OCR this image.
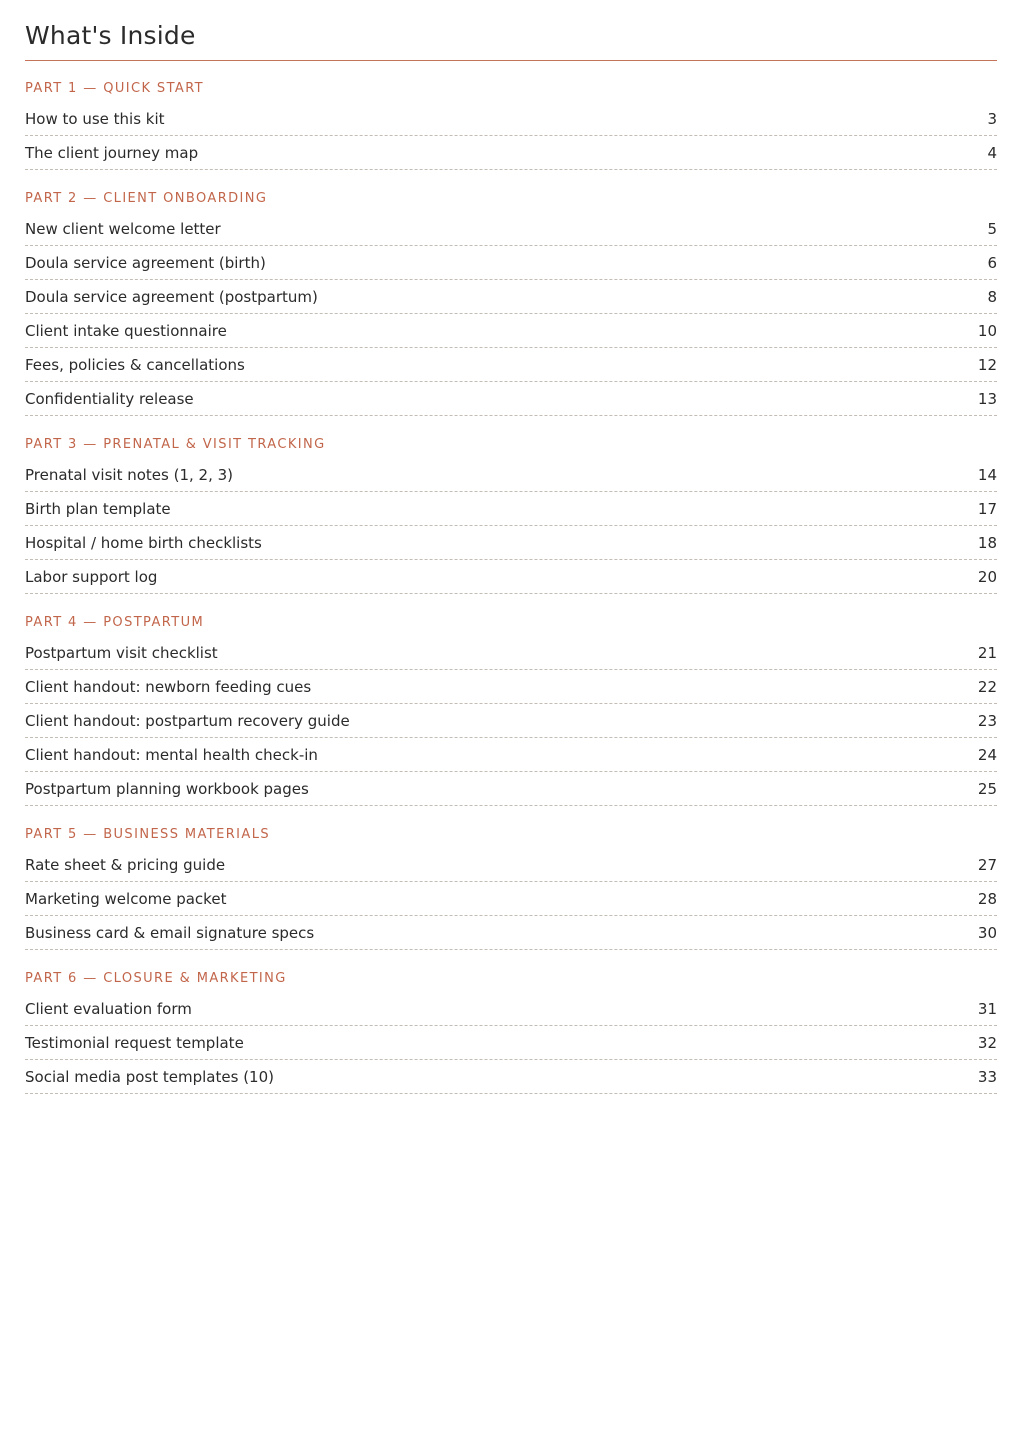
What's Inside
PART 1 — QUICK START
How to use this kit	3
The client journey map	4
PART 2 — CLIENT ONBOARDING
New client welcome letter	5
Doula service agreement (birth)	6
Doula service agreement (postpartum)	8
Client intake questionnaire	10
Fees, policies & cancellations	12
Confidentiality release	13
PART 3 — PRENATAL & VISIT TRACKING
Prenatal visit notes (1, 2, 3)	14
Birth plan template	17
Hospital / home birth checklists	18
Labor support log	20
PART 4 — POSTPARTUM
Postpartum visit checklist	21
Client handout: newborn feeding cues	22
Client handout: postpartum recovery guide	23
Client handout: mental health check-in	24
Postpartum planning workbook pages	25
PART 5 — BUSINESS MATERIALS
Rate sheet & pricing guide	27
Marketing welcome packet	28
Business card & email signature specs	30
PART 6 — CLOSURE & MARKETING
Client evaluation form	31
Testimonial request template	32
Social media post templates (10)	33
